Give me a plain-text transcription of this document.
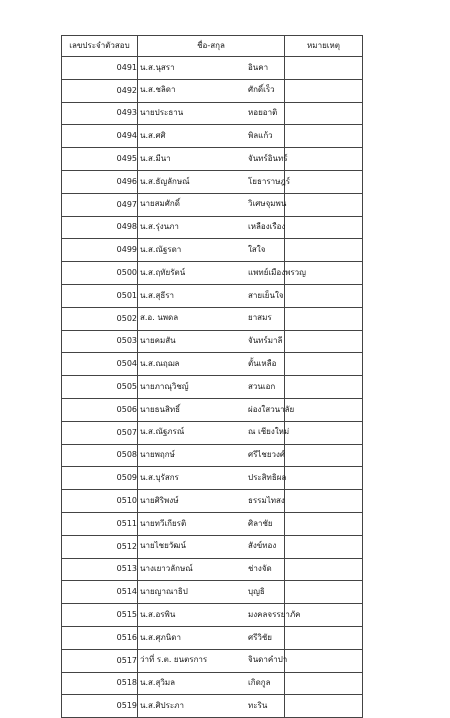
เลขประจำตัวสอบ	ชื่อ-สกุล	หมายเหตุ
0491	น.ส.นุสรา อินคา	
0492	น.ส.ชลิดา ศักดิ์เร็ว	
0493	นายประธาน หอยอาติ	
0494	น.ส.ศศิ พิลแก้ว	
0495	น.ส.มีนา จันทร์อินทร์	
0496	น.ส.ธัญลักษณ์ โยธาราษฎร์	
0497	นายสมศักดิ์ วิเศษจุมพน	
0498	น.ส.รุ่งนภา เหลืองเรือง	
0499	น.ส.ณัฐรดา ใสใจ	
0500	น.ส.ฤทัยรัตน์ แพทย์เมืองพรวญ	
0501	น.ส.สุธีรา สายเย็นใจ	
0502	ส.อ. นพดล ยาสมร	
0503	นายคมสัน จันทร์มาลี	
0504	น.ส.ณฤฌล ตั้นเหลือ	
0505	นายภาณุวิชญ์ สวนเอก	
0506	นายธนสิทธิ์ ผ่องใสวนาลัย	
0507	น.ส.ณัฐภรณ์ ณ เชียงใหม่	
0508	นายพฤกษ์ ศรีไชยวงศ์	
0509	น.ส.บุรัสกร ประสิทธิผล	
0510	นายศิริพงษ์ ธรรมไทสง	
0511	นายทวีเกียรติ ศิลาชัย	
0512	นายไชยวัฒน์ สังข์ทอง	
0513	นางเยาวลักษณ์ ช่างจัด	
0514	นายญาณาธิป บุญธิ	
0515	น.ส.อรพิน มงคลจรรยาภัค	
0516	น.ส.ศุภนิดา ศรีวิชัย	
0517	ว่าที่ ร.ต. ยนตรการ จินดาคำปา	
0518	น.ส.สุวิมล เกิดกูล	
0519	น.ส.ศิประภา ทะริน	
